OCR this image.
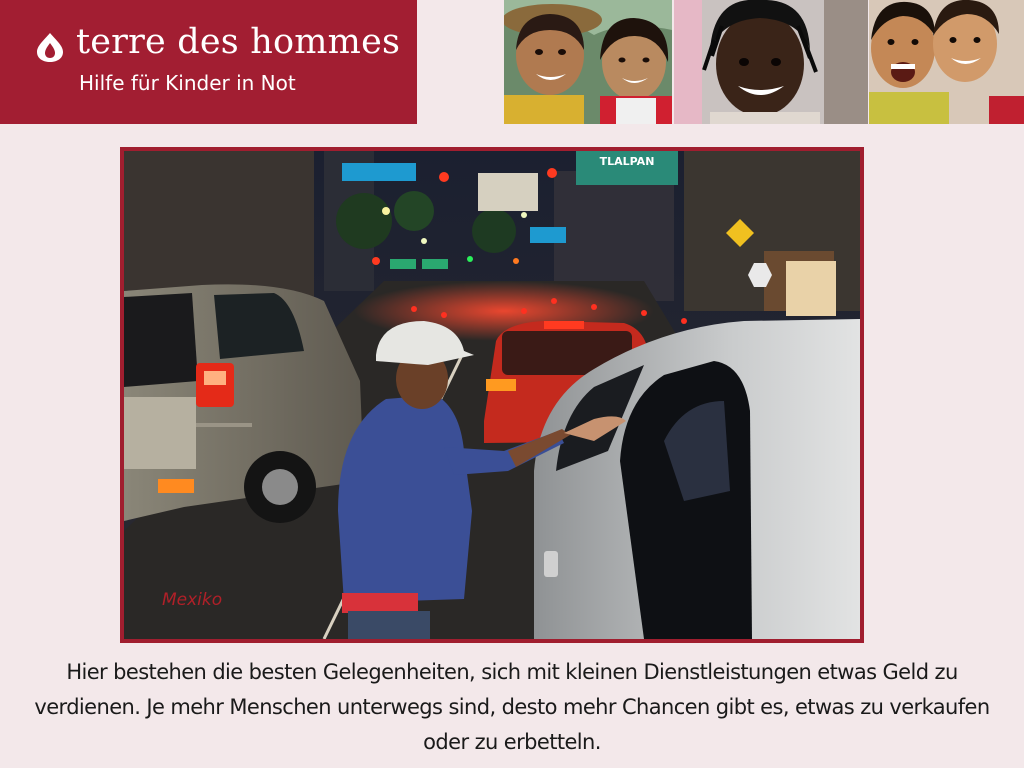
terre des hommes
Hilfe für Kinder in Not
TLALPAN
Mexiko
Hier bestehen die besten Gelegenheiten, sich mit kleinen Dienstleistungen etwas Geld zu verdienen. Je mehr Menschen unterwegs sind, desto mehr Chancen gibt es, etwas zu verkaufen oder zu erbetteln.
